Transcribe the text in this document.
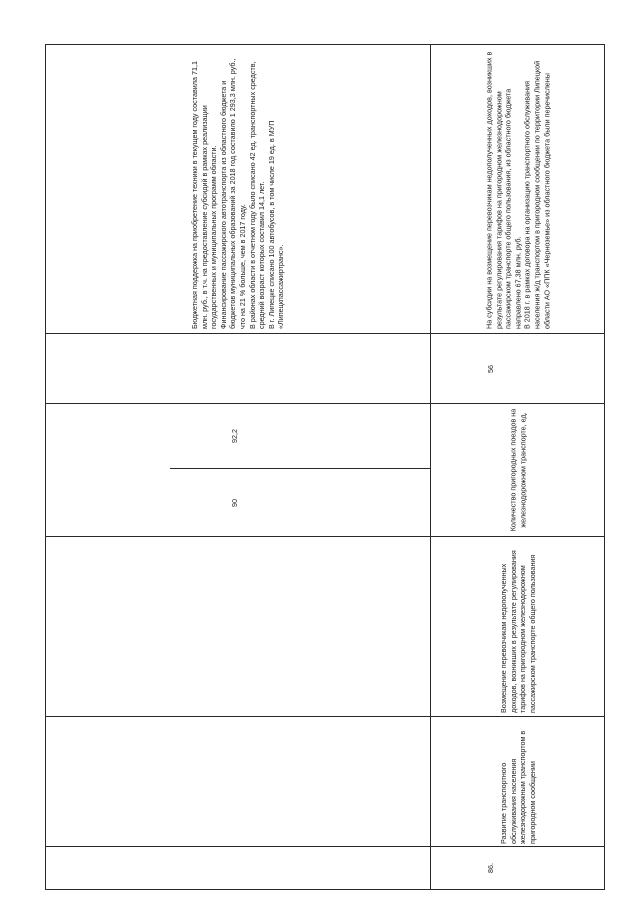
Бюджетная поддержка на приобретение техники в текущем году составила 71,1 млн. руб., в т.ч. на предоставление субсидий в рамках реализации государственных и муниципальных программ области. Финансирование пассажирского автотранспорта из областного бюджета и бюджетов муниципальных образований за 2018 год составило 1 293,3 млн. руб., что на 21 % больше, чем в 2017 году. В районах области в отчетном году было списано 42 ед. транспортных средств, средний возраст которых составил 14,1 лет. В г. Липецке списано 100 автобусов, в том числе 19 ед. в МУП «Липецкпассажиртранс».

92,2
90

На субсидии на возмещение перевозчикам недополученных доходов, возникших в результате регулирования тарифов на пригородном железнодорожном пассажирском транспорте общего пользования, из областного бюджета направлено 67,38 млн. руб. В 2018 г. в рамках договора на организацию транспортного обслуживания населения ж/д транспортом в пригородном сообщении по территории Липецкой области АО «ППК «Черноземье» из областного бюджета были перечислены

56
Количество пригородных поездов на железнодорожном транспорте, ед.
Возмещение перевозчикам недополученных доходов, возникших в результате регулирования тарифов на пригородном железнодорожном пассажирском транспорте общего пользования
Развитие транспортного обслуживания населения железнодорожным транспортом в пригородном сообщении
86.
